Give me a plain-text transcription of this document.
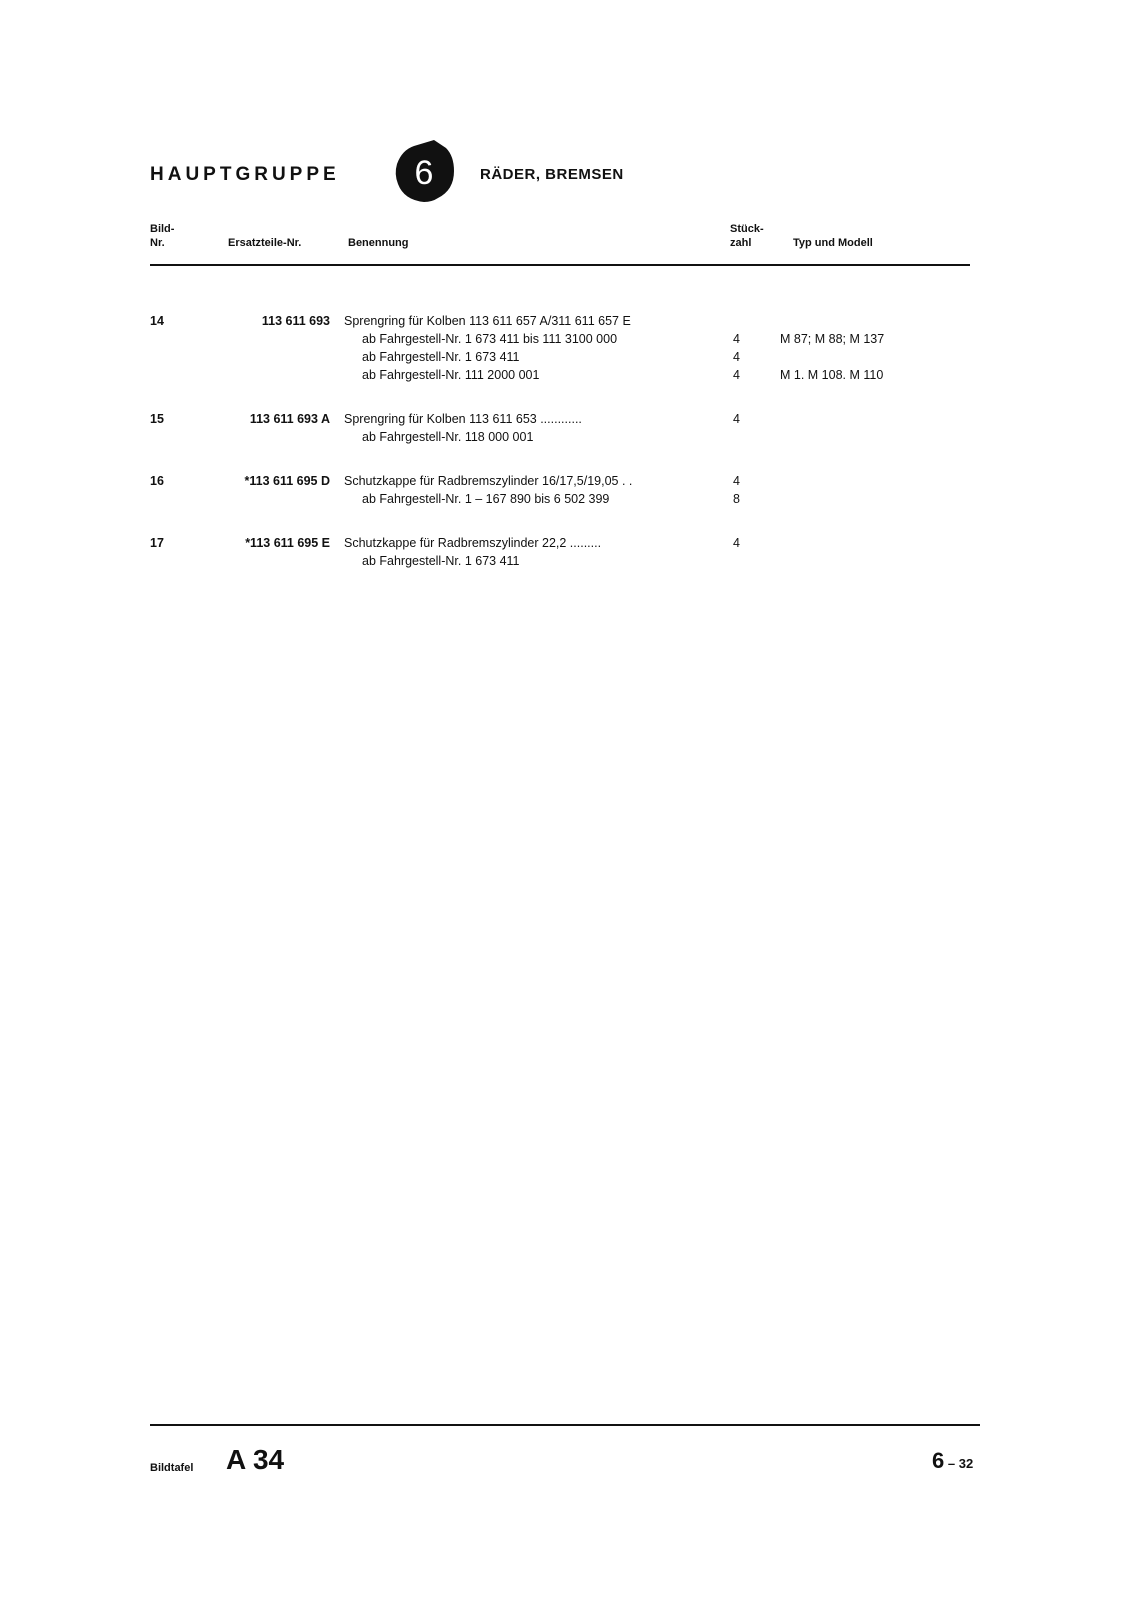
HAUPTGRUPPE 6	RÄDER, BREMSEN
Bild-
Nr.	Ersatzteile-Nr.	Benennung
Stück-
zahl	Typ und Modell
14	113 611 693 Sprengring für Kolben 113 611 657 A/311 611 657 E
ab Fahrgestell-Nr. 1 673 411 bis 111 3100 000	4	M 87; M 88; M 137
ab Fahrgestell-Nr. 1 673 411	4
ab Fahrgestell-Nr. 111 2000 001	4	M 1. M 108. M 110
15	113 611 693 A Sprengring für Kolben 113 611 653 ............	4
ab Fahrgestell-Nr. 118 000 001
16	*113 611 695 D Schutzkappe für Radbremszylinder 16/17,5/19,05 . .	4
ab Fahrgestell-Nr. 1 – 167 890 bis 6 502 399	8
17	*113 611 695 E Schutzkappe für Radbremszylinder 22,2 .........	4
ab Fahrgestell-Nr. 1 673 411
Bildtafel A 34	6 – 32
